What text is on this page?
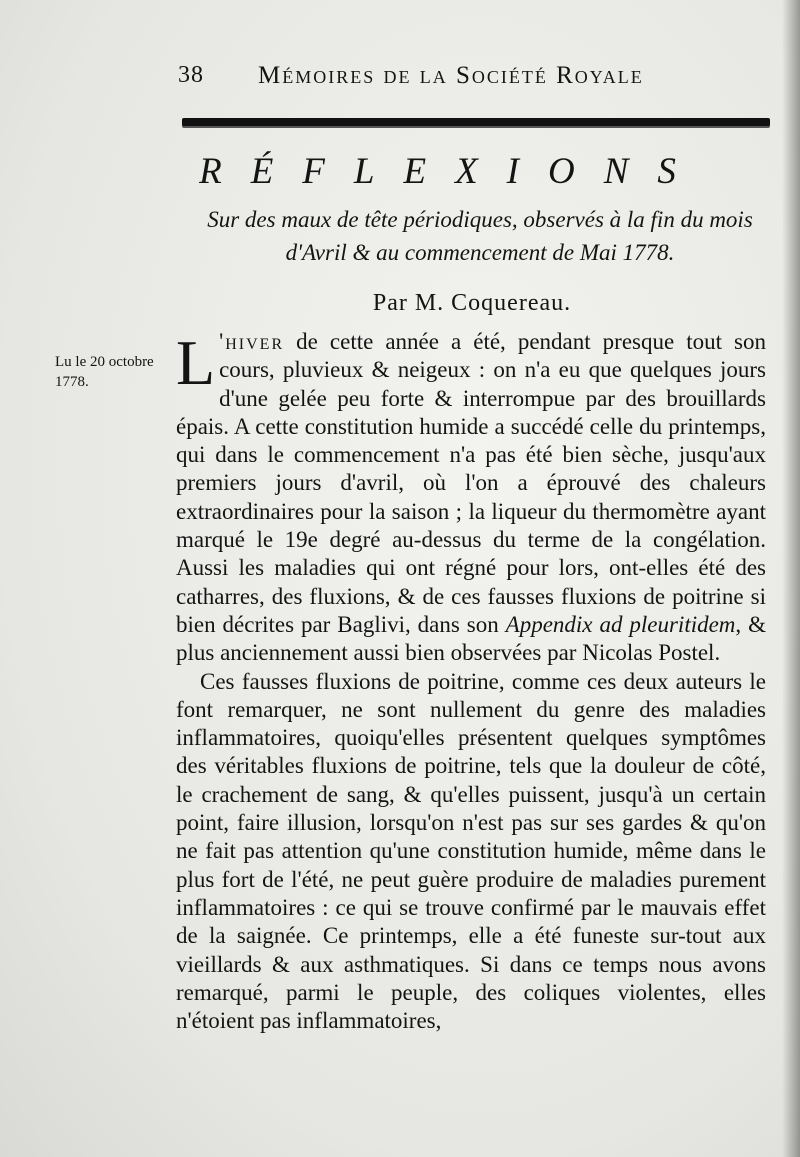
38 Mémoires de la Société Royale
RÉFLEXIONS
Sur des maux de tête périodiques, observés à la fin du mois d'Avril & au commencement de Mai 1778.
Par M. Coquereau.
Lu le 20 octobre 1778.	L 'hiver de cette année a été, pendant presque tout son cours, pluvieux & neigeux : on n'a eu que quelques jours d'une gelée peu forte & interrompue par des brouillards épais. A cette constitution humide a succédé celle du printemps, qui dans le commencement n'a pas été bien sèche, jusqu'aux premiers jours d'avril, où l'on a éprouvé des chaleurs extraordinaires pour la saison ; la liqueur du thermomètre ayant marqué le 19e degré au-dessus du terme de la congélation. Aussi les maladies qui ont régné pour lors, ont-elles été des catharres, des fluxions, & de ces fausses fluxions de poitrine si bien décrites par Baglivi, dans son Appendix ad pleuritidem, & plus anciennement aussi bien observées par Nicolas Postel.

Ces fausses fluxions de poitrine, comme ces deux auteurs le font remarquer, ne sont nullement du genre des maladies inflammatoires, quoiqu'elles présentent quelques symptômes des véritables fluxions de poitrine, tels que la douleur de côté, le crachement de sang, & qu'elles puissent, jusqu'à un certain point, faire illusion, lorsqu'on n'est pas sur ses gardes & qu'on ne fait pas attention qu'une constitution humide, même dans le plus fort de l'été, ne peut guère produire de maladies purement inflammatoires : ce qui se trouve confirmé par le mauvais effet de la saignée. Ce printemps, elle a été funeste sur-tout aux vieillards & aux asthmatiques. Si dans ce temps nous avons remarqué, parmi le peuple, des coliques violentes, elles n'étoient pas inflammatoires,
